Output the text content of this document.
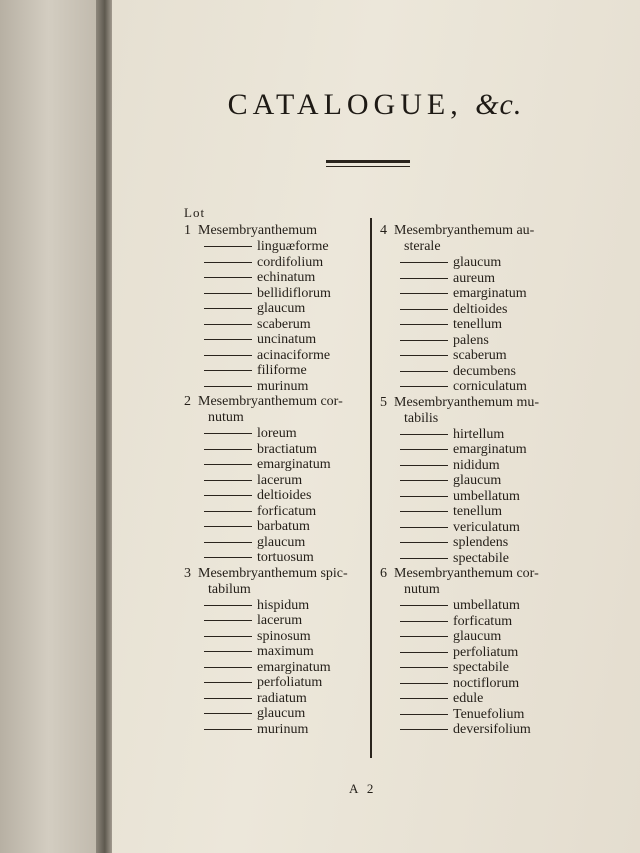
CATALOGUE, &c.
Lot
1 Mesembryanthemum
linguæforme
cordifolium
echinatum
bellidiflorum
glaucum
scaberum
uncinatum
acinaciforme
filiforme
murinum
2 Mesembryanthemum cor-
nutum
loreum
bractiatum
emarginatum
lacerum
deltioides
forficatum
barbatum
glaucum
tortuosum
3 Mesembryanthemum spic-
tabilum
hispidum
lacerum
spinosum
maximum
emarginatum
perfoliatum
radiatum
glaucum
murinum
4 Mesembryanthemum au-
sterale
glaucum
aureum
emarginatum
deltioides
tenellum
palens
scaberum
decumbens
corniculatum
5 Mesembryanthemum mu-
tabilis
hirtellum
emarginatum
nididum
glaucum
umbellatum
tenellum
vericulatum
splendens
spectabile
6 Mesembryanthemum cor-
nutum
umbellatum
forficatum
glaucum
perfoliatum
spectabile
noctiflorum
edule
Tenuefolium
deversifolium
A 2
